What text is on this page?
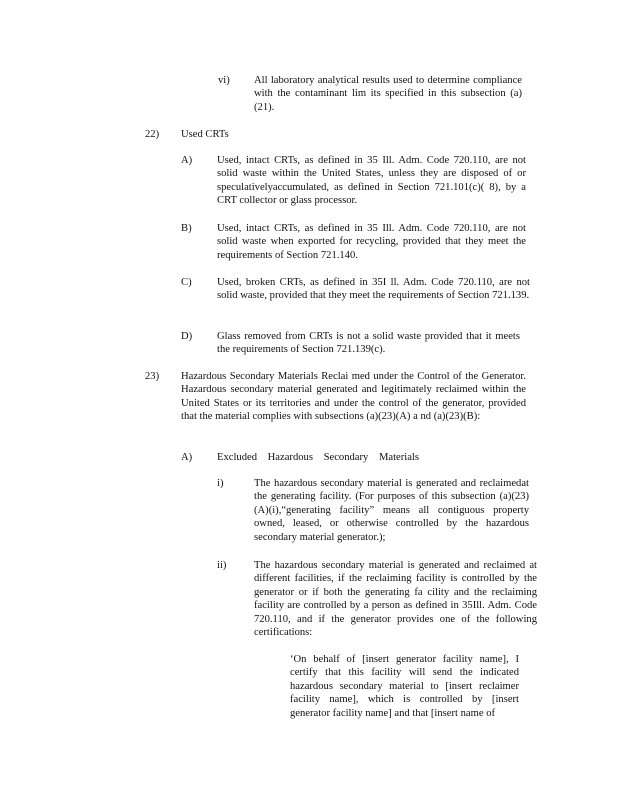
vi) All laboratory analytical results used to determine compliance with the contaminant lim its specified in this subsection (a)(21).

22) Used CRTs

A) Used, intact CRTs, as defined in 35 Ill. Adm. Code 720.110, are not solid waste within the United States, unless they are disposed of or speculativelyaccumulated, as defined in Section 721.101(c)( 8), by a CRT collector or glass processor.

B) Used, intact CRTs, as defined in 35 Ill. Adm. Code 720.110, are not solid waste when exported for recycling, provided that they meet the requirements of Section 721.140.

C) Used, broken CRTs, as defined in 35I ll. Adm. Code 720.110, are not solid waste, provided that they meet the requirements of Section 721.139.

D) Glass removed from CRTs is not a solid waste provided that it meets the requirements of Section 721.139(c).

23) Hazardous Secondary Materials Reclai med under the Control of the Generator. Hazardous secondary material generated and legitimately reclaimed within the United States or its territories and under the control of the generator, provided that the material complies with subsections (a)(23)(A) a nd (a)(23)(B):

A) Excluded Hazardous Secondary Materials

i)	The hazardous secondary material is generated and reclaimedat the generating facility. (For purposes of this subsection (a)(23)(A)(i),“generating facility” means all contiguous property owned, leased, or otherwise controlled by the hazardous secondary material generator.);

ii)	The hazardous secondary material is generated and reclaimed at different facilities, if the reclaiming facility is controlled by the generator or if both the generating fa cility and the reclaiming facility are controlled by a person as defined in 35Ill. Adm. Code 720.110, and if the generator provides one of the following certifications:

‘On behalf of [insert generator facility name], I certify that this facility will send the indicated hazardous secondary material to [insert reclaimer facility name], which is controlled by [insert generator facility name] and that [insert name of
